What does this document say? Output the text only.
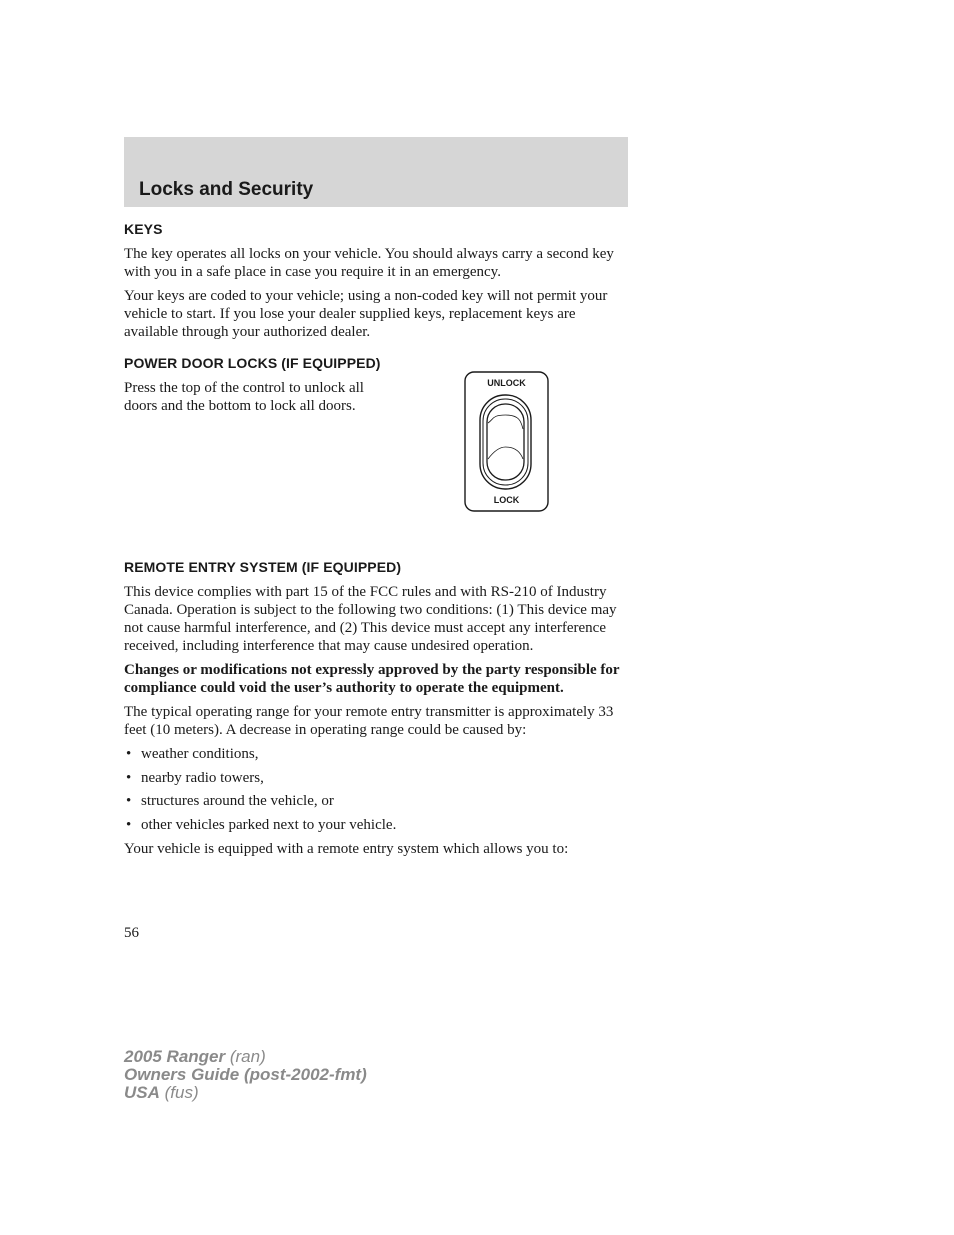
Locks and Security
KEYS

The key operates all locks on your vehicle. You should always carry a second key with you in a safe place in case you require it in an emergency.

Your keys are coded to your vehicle; using a non-coded key will not permit your vehicle to start. If you lose your dealer supplied keys, replacement keys are available through your authorized dealer.

POWER DOOR LOCKS (IF EQUIPPED)

Press the top of the control to unlock all doors and the bottom to lock all doors.

UNLOCK
LOCK
REMOTE ENTRY SYSTEM (IF EQUIPPED)

This device complies with part 15 of the FCC rules and with RS-210 of Industry Canada. Operation is subject to the following two conditions: (1) This device may not cause harmful interference, and (2) This device must accept any interference received, including interference that may cause undesired operation.

Changes or modifications not expressly approved by the party responsible for compliance could void the user’s authority to operate the equipment.

The typical operating range for your remote entry transmitter is approximately 33 feet (10 meters). A decrease in operating range could be caused by:

• weather conditions,
• nearby radio towers,
• structures around the vehicle, or
• other vehicles parked next to your vehicle.

Your vehicle is equipped with a remote entry system which allows you to:

56
2005 Ranger (ran)
Owners Guide (post-2002-fmt)
USA (fus)
